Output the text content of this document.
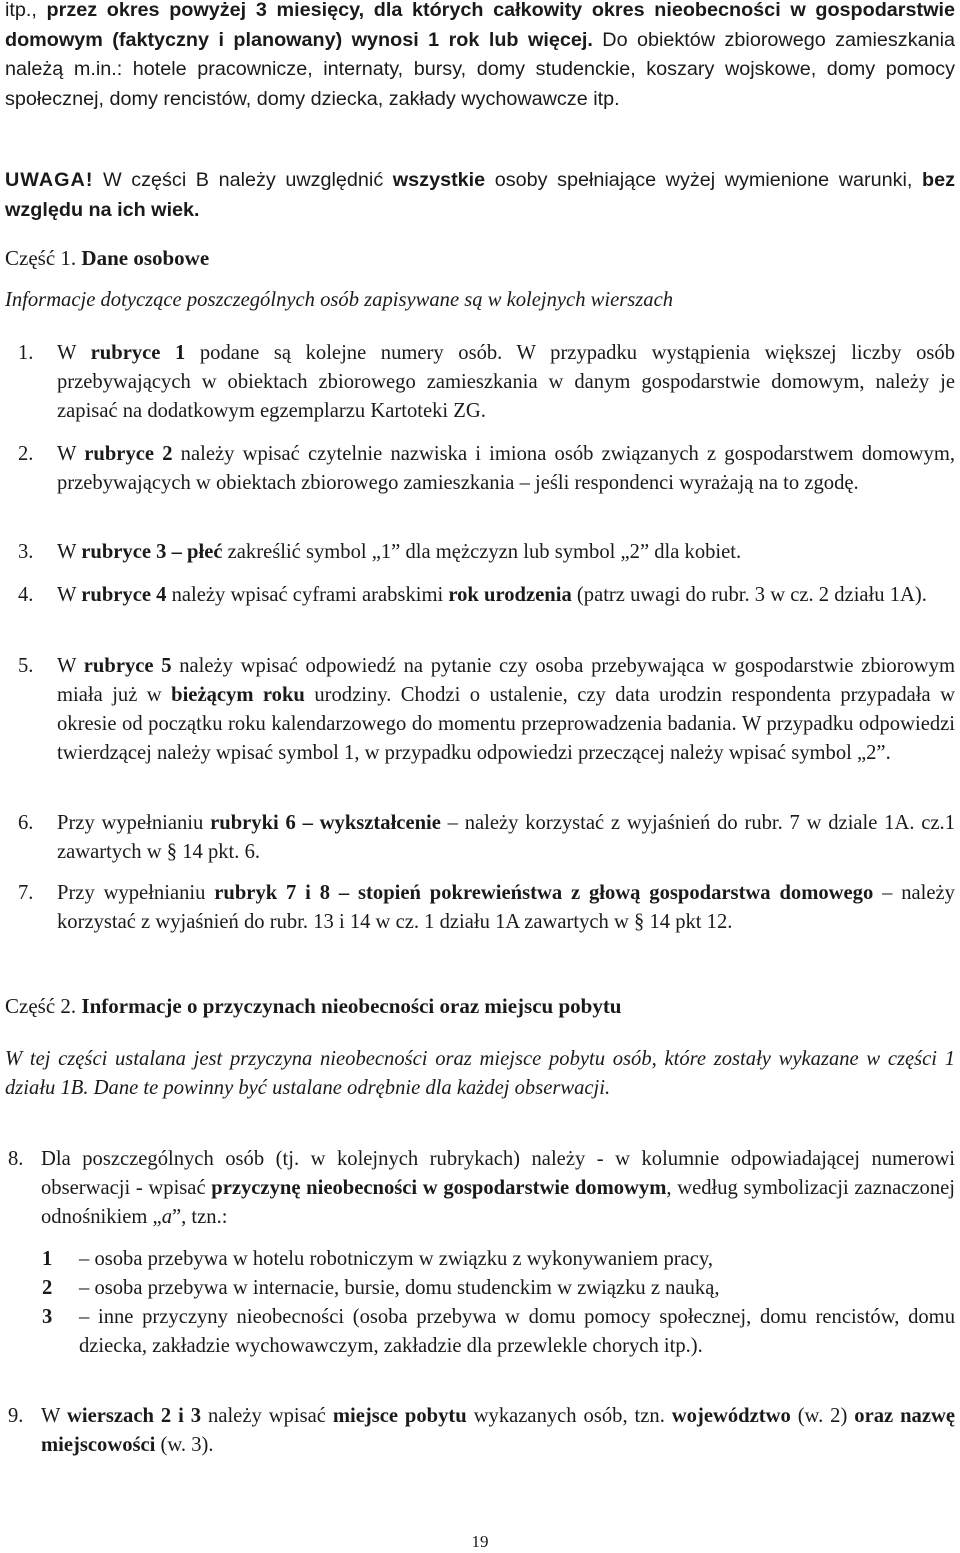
itp., przez okres powyżej 3 miesięcy, dla których całkowity okres nieobecności w gospodarstwie domowym (faktyczny i planowany) wynosi 1 rok lub więcej. Do obiektów zbiorowego zamieszkania należą m.in.: hotele pracownicze, internaty, bursy, domy studenckie, koszary wojskowe, domy pomocy społecznej, domy rencistów, domy dziecka, zakłady wychowawcze itp.

UWAGA! W części B należy uwzględnić wszystkie osoby spełniające wyżej wymienione warunki, bez względu na ich wiek.

Część 1. Dane osobowe

Informacje dotyczące poszczególnych osób zapisywane są w kolejnych wierszach

1. W rubryce 1 podane są kolejne numery osób. W przypadku wystąpienia większej liczby osób przebywających w obiektach zbiorowego zamieszkania w danym gospodarstwie domowym, należy je zapisać na dodatkowym egzemplarzu Kartoteki ZG.
2. W rubryce 2 należy wpisać czytelnie nazwiska i imiona osób związanych z gospodarstwem domowym, przebywających w obiektach zbiorowego zamieszkania – jeśli respondenci wyrażają na to zgodę.
3. W rubryce 3 – płeć zakreślić symbol „1” dla mężczyzn lub symbol „2” dla kobiet.
4. W rubryce 4 należy wpisać cyframi arabskimi rok urodzenia (patrz uwagi do rubr. 3 w cz. 2 działu 1A).
5. W rubryce 5 należy wpisać odpowiedź na pytanie czy osoba przebywająca w gospodarstwie zbiorowym miała już w bieżącym roku urodziny. Chodzi o ustalenie, czy data urodzin respondenta przypadała w okresie od początku roku kalendarzowego do momentu przeprowadzenia badania. W przypadku odpowiedzi twierdzącej należy wpisać symbol 1, w przypadku odpowiedzi przeczącej należy wpisać symbol „2”.
6. Przy wypełnianiu rubryki 6 – wykształcenie – należy korzystać z wyjaśnień do rubr. 7 w dziale 1A. cz.1 zawartych w § 14 pkt. 6.
7. Przy wypełnianiu rubryk 7 i 8 – stopień pokrewieństwa z głową gospodarstwa domowego – należy korzystać z wyjaśnień do rubr. 13 i 14 w cz. 1 działu 1A zawartych w § 14 pkt 12.

Część 2. Informacje o przyczynach nieobecności oraz miejscu pobytu

W tej części ustalana jest przyczyna nieobecności oraz miejsce pobytu osób, które zostały wykazane w części 1 działu 1B. Dane te powinny być ustalane odrębnie dla każdej obserwacji.

8. Dla poszczególnych osób (tj. w kolejnych rubrykach) należy - w kolumnie odpowiadającej numerowi obserwacji - wpisać przyczynę nieobecności w gospodarstwie domowym, według symbolizacji zaznaczonej odnośnikiem „a”, tzn.:
1 – osoba przebywa w hotelu robotniczym w związku z wykonywaniem pracy,
2 – osoba przebywa w internacie, bursie, domu studenckim w związku z nauką,
3 – inne przyczyny nieobecności (osoba przebywa w domu pomocy społecznej, domu rencistów, domu dziecka, zakładzie wychowawczym, zakładzie dla przewlekle chorych itp.).
9. W wierszach 2 i 3 należy wpisać miejsce pobytu wykazanych osób, tzn. województwo (w. 2) oraz nazwę miejscowości (w. 3).
19
